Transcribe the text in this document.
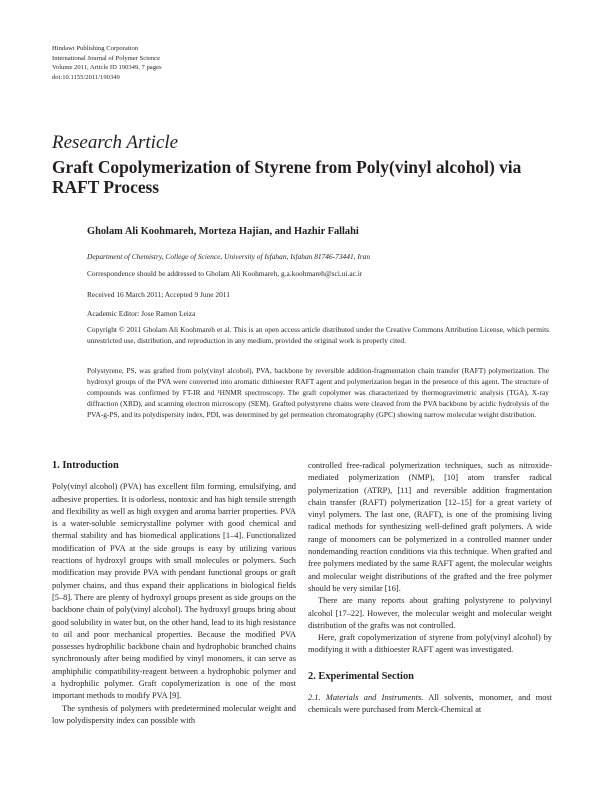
Hindawi Publishing Corporation
International Journal of Polymer Science
Volume 2011, Article ID 190349, 7 pages
doi:10.1155/2011/190349
Research Article
Graft Copolymerization of Styrene from Poly(vinyl alcohol) via RAFT Process
Gholam Ali Koohmareh, Morteza Hajian, and Hazhir Fallahi
Department of Chemistry, College of Science, University of Isfahan, Isfahan 81746-73441, Iran
Correspondence should be addressed to Gholam Ali Koohmareh, g.a.koohmareh@sci.ui.ac.ir
Received 16 March 2011; Accepted 9 June 2011
Academic Editor: Jose Ramon Leiza
Copyright © 2011 Gholam Ali Koohmareh et al. This is an open access article distributed under the Creative Commons Attribution License, which permits unrestricted use, distribution, and reproduction in any medium, provided the original work is properly cited.
Polystyrene, PS, was grafted from poly(vinyl alcohol), PVA, backbone by reversible addition-fragmentation chain transfer (RAFT) polymerization. The hydroxyl groups of the PVA were converted into aromatic dithioester RAFT agent and polymerization began in the presence of this agent. The structure of compounds was confirmed by FT-IR and ¹HNMR spectroscopy. The graft copolymer was characterized by thermogravimetric analysis (TGA), X-ray diffraction (XRD), and scanning electron microscopy (SEM). Grafted polystyrene chains were cleaved from the PVA backbone by acidic hydrolysis of the PVA-g-PS, and its polydispersity index, PDI, was determined by gel permeation chromatography (GPC) showing narrow molecular weight distribution.
1. Introduction

Poly(vinyl alcohol) (PVA) has excellent film forming, emulsifying, and adhesive properties. It is odorless, nontoxic and has high tensile strength and flexibility as well as high oxygen and aroma barrier properties. PVA is a water-soluble semicrystalline polymer with good chemical and thermal stability and has biomedical applications [1–4]. Functionalized modification of PVA at the side groups is easy by utilizing various reactions of hydroxyl groups with small molecules or polymers. Such modification may provide PVA with pendant functional groups or graft polymer chains, and thus expand their applications in biological fields [5–8]. There are plenty of hydroxyl groups present as side groups on the backbone chain of poly(vinyl alcohol). The hydroxyl groups bring about good solubility in water but, on the other hand, lead to its high resistance to oil and poor mechanical properties. Because the modified PVA possesses hydrophilic backbone chain and hydrophobic branched chains synchronously after being modified by vinyl monomers, it can serve as amphiphilic compatibility-reagent between a hydrophobic polymer and a hydrophilic polymer. Graft copolymerization is one of the most important methods to modify PVA [9].

The synthesis of polymers with predetermined molecular weight and low polydispersity index can possible with

controlled free-radical polymerization techniques, such as nitroxide-mediated polymerization (NMP), [10] atom transfer radical polymerization (ATRP), [11] and reversible addition fragmentation chain transfer (RAFT) polymerization [12–15] for a great variety of vinyl polymers. The last one, (RAFT), is one of the promising living radical methods for synthesizing well-defined graft polymers. A wide range of monomers can be polymerized in a controlled manner under nondemanding reaction conditions via this technique. When grafted and free polymers mediated by the same RAFT agent, the molecular weights and molecular weight distributions of the grafted and the free polymer should be very similar [16].

There are many reports about grafting polystyrene to polyvinyl alcohol [17–22]. However, the molecular weight and molecular weight distribution of the grafts was not controlled.

Here, graft copolymerization of styrene from poly(vinyl alcohol) by modifying it with a dithioester RAFT agent was investigated.

2. Experimental Section

2.1. Materials and Instruments. All solvents, monomer, and most chemicals were purchased from Merck-Chemical at
